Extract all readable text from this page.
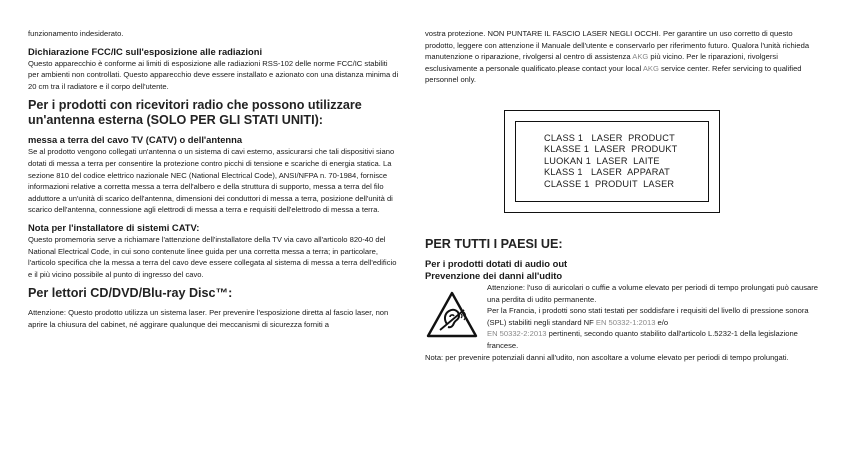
funzionamento indesiderato.

Dichiarazione FCC/IC sull'esposizione alle radiazioni

Questo apparecchio è conforme ai limiti di esposizione alle radiazioni RSS-102 delle norme FCC/IC stabiliti per ambienti non controllati. Questo apparecchio deve essere installato e azionato con una distanza minima di 20 cm tra il radiatore e il corpo dell'utente.

Per i prodotti con ricevitori radio che possono utilizzare un'antenna esterna (SOLO PER GLI STATI UNITI):
messa a terra del cavo TV (CATV) o dell'antenna

Se al prodotto vengono collegati un'antenna o un sistema di cavi esterno, assicurarsi che tali dispositivi siano dotati di messa a terra per consentire la protezione contro picchi di tensione e scariche di energia statica. La sezione 810 del codice elettrico nazionale NEC (National Electrical Code), ANSI/NFPA n. 70-1984, fornisce informazioni relative a corretta messa a terra dell'albero e della struttura di supporto, messa a terra del filo adduttore a un'unità di scarico dell'antenna, dimensioni dei conduttori di messa a terra, posizione dell'unità di scarico dell'antenna, connessione agli elettrodi di messa a terra e requisiti dell'elettrodo di messa a terra.

Nota per l'installatore di sistemi CATV:

Questo promemoria serve a richiamare l'attenzione dell'installatore della TV via cavo all'articolo 820-40 del National Electrical Code, in cui sono contenute linee guida per una corretta messa a terra; in particolare, l'articolo specifica che la messa a terra del cavo deve essere collegata al sistema di messa a terra dell'edificio e il più vicino possibile al punto di ingresso del cavo.

Per lettori CD/DVD/Blu-ray Disc™:

Attenzione: Questo prodotto utilizza un sistema laser. Per prevenire l'esposizione diretta al fascio laser, non aprire la chiusura del cabinet, né aggirare qualunque dei meccanismi di sicurezza forniti a

vostra protezione. NON PUNTARE IL FASCIO LASER NEGLI OCCHI. Per garantire un uso corretto di questo prodotto, leggere con attenzione il Manuale dell'utente e conservarlo per riferimento futuro. Qualora l'unità richieda manutenzione o riparazione, rivolgersi al centro di assistenza AKG più vicino. Per le riparazioni, rivolgersi esclusivamente a personale qualificato.please contact your local AKG service center. Refer servicing to qualified personnel only.

CLASS 1   LASER  PRODUCT
KLASSE 1  LASER  PRODUKT
LUOKAN 1  LASER  LAITE
KLASS 1   LASER  APPARAT
CLASSE 1  PRODUIT  LASER
PER TUTTI I PAESI UE:
Per i prodotti dotati di audio out
Prevenzione dei danni all'udito

Attenzione: l'uso di auricolari o cuffie a volume elevato per periodi di tempo prolungati può causare una perdita di udito permanente.

Per la Francia, i prodotti sono stati testati per soddisfare i requisiti del livello di pressione sonora (SPL) stabiliti negli standard NF EN 50332-1:2013 e/o

EN 50332-2:2013 pertinenti, secondo quanto stabilito dall'articolo L.5232-1 della legislazione francese.

Nota: per prevenire potenziali danni all'udito, non ascoltare a volume elevato per periodi di tempo prolungati.
